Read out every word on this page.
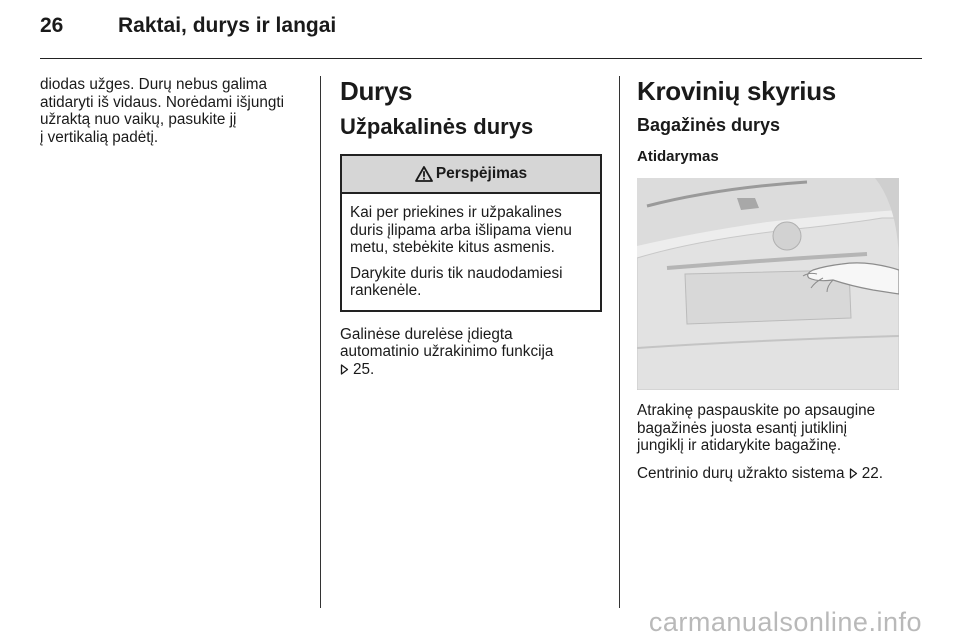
26	Raktai, durys ir langai

diodas užges. Durų nebus galima
atidaryti iš vidaus. Norėdami išjungti
užraktą nuo vaikų, pasukite jį
į vertikalią padėtį.

Durys
Užpakalinės durys
Perspėjimas

Kai per priekines ir užpakalines
duris įlipama arba išlipama vienu
metu, stebėkite kitus asmenis.

Darykite duris tik naudodamiesi
rankenėle.

Galinėse durelėse įdiegta
automatinio užrakinimo funkcija
25.

Krovinių skyrius
Bagažinės durys
Atidarymas

Atrakinę paspauskite po apsaugine
bagažinės juosta esantį jutiklinį
jungiklį ir atidarykite bagažinę.

Centrinio durų užrakto sistema 22.

carmanualsonline.info
